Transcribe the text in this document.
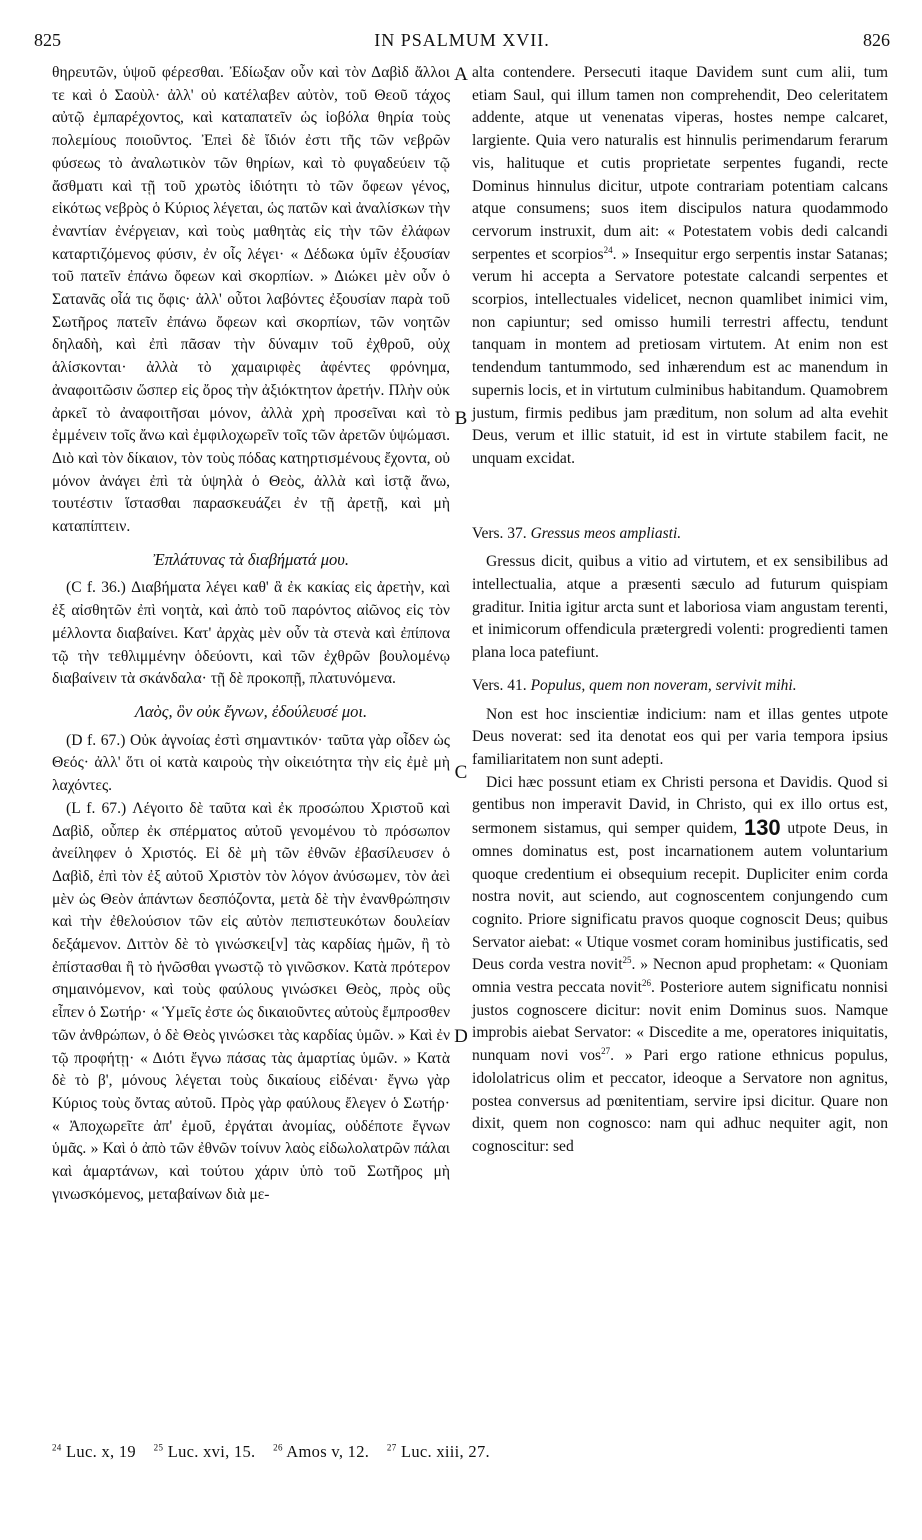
825	IN PSALMUM XVII.	826
A
B
C
D

θηρευτῶν, ὑψοῦ φέρεσθαι. Ἐδίωξαν οὖν καὶ τὸν Δαβὶδ ἄλλοι τε καὶ ὁ Σαοὺλ· ἀλλ' οὐ κατέλαβεν αὐτὸν, τοῦ Θεοῦ τάχος αὐτῷ ἐμπαρέχοντος, καὶ καταπατεῖν ὡς ἰοβόλα θηρία τοὺς πολεμίους ποιοῦντος. Ἐπεὶ δὲ ἴδιόν ἐστι τῆς τῶν νεβρῶν φύσεως τὸ ἀναλωτικὸν τῶν θηρίων, καὶ τὸ φυγαδεύειν τῷ ἄσθματι καὶ τῇ τοῦ χρωτὸς ἰδιότητι τὸ τῶν ὄφεων γένος, εἰκότως νεβρὸς ὁ Κύριος λέγεται, ὡς πατῶν καὶ ἀναλίσκων τὴν ἐναντίαν ἐνέργειαν, καὶ τοὺς μαθητὰς εἰς τὴν τῶν ἐλάφων καταρτιζόμενος φύσιν, ἐν οἷς λέγει· « Δέδωκα ὑμῖν ἐξουσίαν τοῦ πατεῖν ἐπάνω ὄφεων καὶ σκορπίων. » Διώκει μὲν οὖν ὁ Σατανᾶς οἷά τις ὄφις· ἀλλ' οὗτοι λαβόντες ἐξουσίαν παρὰ τοῦ Σωτῆρος πατεῖν ἐπάνω ὄφεων καὶ σκορπίων, τῶν νοητῶν δηλαδὴ, καὶ ἐπὶ πᾶσαν τὴν δύναμιν τοῦ ἐχθροῦ, οὐχ ἁλίσκονται· ἀλλὰ τὸ χαμαιριφὲς ἀφέντες φρόνημα, ἀναφοιτῶσιν ὥσπερ εἰς ὄρος τὴν ἀξιόκτητον ἀρετήν. Πλὴν οὐκ ἀρκεῖ τὸ ἀναφοιτῆσαι μόνον, ἀλλὰ χρὴ προσεῖναι καὶ τὸ ἐμμένειν τοῖς ἄνω καὶ ἐμφιλοχωρεῖν τοῖς τῶν ἀρετῶν ὑψώμασι. Διὸ καὶ τὸν δίκαιον, τὸν τοὺς πόδας κατηρτισμένους ἔχοντα, οὐ μόνον ἀνάγει ἐπὶ τὰ ὑψηλὰ ὁ Θεὸς, ἀλλὰ καὶ ἱστᾷ ἄνω, τουτέστιν ἵστασθαι παρασκευάζει ἐν τῇ ἀρετῇ, καὶ μὴ καταπίπτειν.

Ἐπλάτυνας τὰ διαβήματά μου.

(C f. 36.) Διαβήματα λέγει καθ' ἃ ἐκ κακίας εἰς ἀρετὴν, καὶ ἐξ αἰσθητῶν ἐπὶ νοητὰ, καὶ ἀπὸ τοῦ παρόντος αἰῶνος εἰς τὸν μέλλοντα διαβαίνει. Κατ' ἀρχὰς μὲν οὖν τὰ στενὰ καὶ ἐπίπονα τῷ τὴν τεθλιμμένην ὁδεύοντι, καὶ τῶν ἐχθρῶν βουλομένῳ διαβαίνειν τὰ σκάνδαλα· τῇ δὲ προκοπῇ, πλατυνόμενα.

Λαὸς, ὃν οὐκ ἔγνων, ἐδούλευσέ μοι.

(D f. 67.) Οὐκ ἀγνοίας ἐστὶ σημαντικόν· ταῦτα γὰρ οἶδεν ὡς Θεός· ἀλλ' ὅτι οἱ κατὰ καιροὺς τὴν οἰκειότητα τὴν εἰς ἐμὲ μὴ λαχόντες.

(L f. 67.) Λέγοιτο δὲ ταῦτα καὶ ἐκ προσώπου Χριστοῦ καὶ Δαβὶδ, οὗπερ ἐκ σπέρματος αὐτοῦ γενομένου τὸ πρόσωπον ἀνείληφεν ὁ Χριστός. Εἰ δὲ μὴ τῶν ἐθνῶν ἐβασίλευσεν ὁ Δαβὶδ, ἐπὶ τὸν ἐξ αὐτοῦ Χριστὸν τὸν λόγον ἀνύσωμεν, τὸν ἀεὶ μὲν ὡς Θεὸν ἁπάντων δεσπόζοντα, μετὰ δὲ τὴν ἐνανθρώπησιν καὶ τὴν ἐθελούσιον τῶν εἰς αὐτὸν πεπιστευκότων δουλείαν δεξάμενον. Διττὸν δὲ τὸ γινώσκει[ν] τὰς καρδίας ἡμῶν, ἢ τὸ ἐπίστασθαι ἢ τὸ ἡνῶσθαι γνωστῷ τὸ γινῶσκον. Κατὰ πρότερον σημαινόμενον, καὶ τοὺς φαύλους γινώσκει Θεὸς, πρὸς οὓς εἶπεν ὁ Σωτήρ· « Ὑμεῖς ἐστε ὡς δικαιοῦντες αὐτοὺς ἔμπροσθεν τῶν ἀνθρώπων, ὁ δὲ Θεὸς γινώσκει τὰς καρδίας ὑμῶν. » Καὶ ἐν τῷ προφήτῃ· « Διότι ἔγνω πάσας τὰς ἁμαρτίας ὑμῶν. » Κατὰ δὲ τὸ β', μόνους λέγεται τοὺς δικαίους εἰδέναι· ἔγνω γὰρ Κύριος τοὺς ὄντας αὐτοῦ. Πρὸς γὰρ φαύλους ἔλεγεν ὁ Σωτήρ· « Ἀποχωρεῖτε ἀπ' ἐμοῦ, ἐργάται ἀνομίας, οὐδέποτε ἔγνων ὑμᾶς. » Καὶ ὁ ἀπὸ τῶν ἐθνῶν τοίνυν λαὸς εἰδωλολατρῶν πάλαι καὶ ἁμαρτάνων, καὶ τούτου χάριν ὑπὸ τοῦ Σωτῆρος μὴ γινωσκόμενος, μεταβαίνων διὰ με-

alta contendere. Persecuti itaque Davidem sunt cum alii, tum etiam Saul, qui illum tamen non comprehendit, Deo celeritatem addente, atque ut venenatas viperas, hostes nempe calcaret, largiente. Quia vero naturalis est hinnulis perimendarum ferarum vis, halituque et cutis proprietate serpentes fugandi, recte Dominus hinnulus dicitur, utpote contrariam potentiam calcans atque consumens; suos item discipulos natura quodammodo cervorum instruxit, dum ait: « Potestatem vobis dedi calcandi serpentes et scorpios$^{24}$. » Insequitur ergo serpentis instar Satanas; verum hi accepta a Servatore potestate calcandi serpentes et scorpios, intellectuales videlicet, necnon quamlibet inimici vim, non capiuntur; sed omisso humili terrestri affectu, tendunt tanquam in montem ad pretiosam virtutem. At enim non est tendendum tantummodo, sed inhærendum est ac manendum in supernis locis, et in virtutum culminibus habitandum. Quamobrem justum, firmis pedibus jam præditum, non solum ad alta evehit Deus, verum et illic statuit, id est in virtute stabilem facit, ne unquam excidat.

Vers. 37. Gressus meos ampliasti.

Gressus dicit, quibus a vitio ad virtutem, et ex sensibilibus ad intellectualia, atque a præsenti sæculo ad futurum quispiam graditur. Initia igitur arcta sunt et laboriosa viam angustam terenti, et inimicorum offendicula prætergredi volenti: progredienti tamen plana loca patefiunt.

Vers. 41. Populus, quem non noveram, servivit mihi.

Non est hoc inscientiæ indicium: nam et illas gentes utpote Deus noverat: sed ita denotat eos qui per varia tempora ipsius familiaritatem non sunt adepti.

Dici hæc possunt etiam ex Christi persona et Davidis. Quod si gentibus non imperavit David, in Christo, qui ex illo ortus est, sermonem sistamus, qui semper quidem, 130 utpote Deus, in omnes dominatus est, post incarnationem autem voluntarium quoque credentium ei obsequium recepit. Dupliciter enim corda nostra novit, aut sciendo, aut cognoscentem conjungendo cum cognito. Priore significatu pravos quoque cognoscit Deus; quibus Servator aiebat: « Utique vosmet coram hominibus justificatis, sed Deus corda vestra novit$^{25}$. » Necnon apud prophetam: « Quoniam omnia vestra peccata novit$^{26}$. Posteriore autem significatu nonnisi justos cognoscere dicitur: novit enim Dominus suos. Namque improbis aiebat Servator: « Discedite a me, operatores iniquitatis, nunquam novi vos$^{27}$. » Pari ergo ratione ethnicus populus, idololatricus olim et peccator, ideoque a Servatore non agnitus, postea conversus ad pœnitentiam, servire ipsi dicitur. Quare non dixit, quem non cognosco: nam qui adhuc nequiter agit, non cognoscitur: sed

$^{24}$ Luc. x, 19 $^{25}$ Luc. xvi, 15. $^{26}$ Amos v, 12. $^{27}$ Luc. xiii, 27.
